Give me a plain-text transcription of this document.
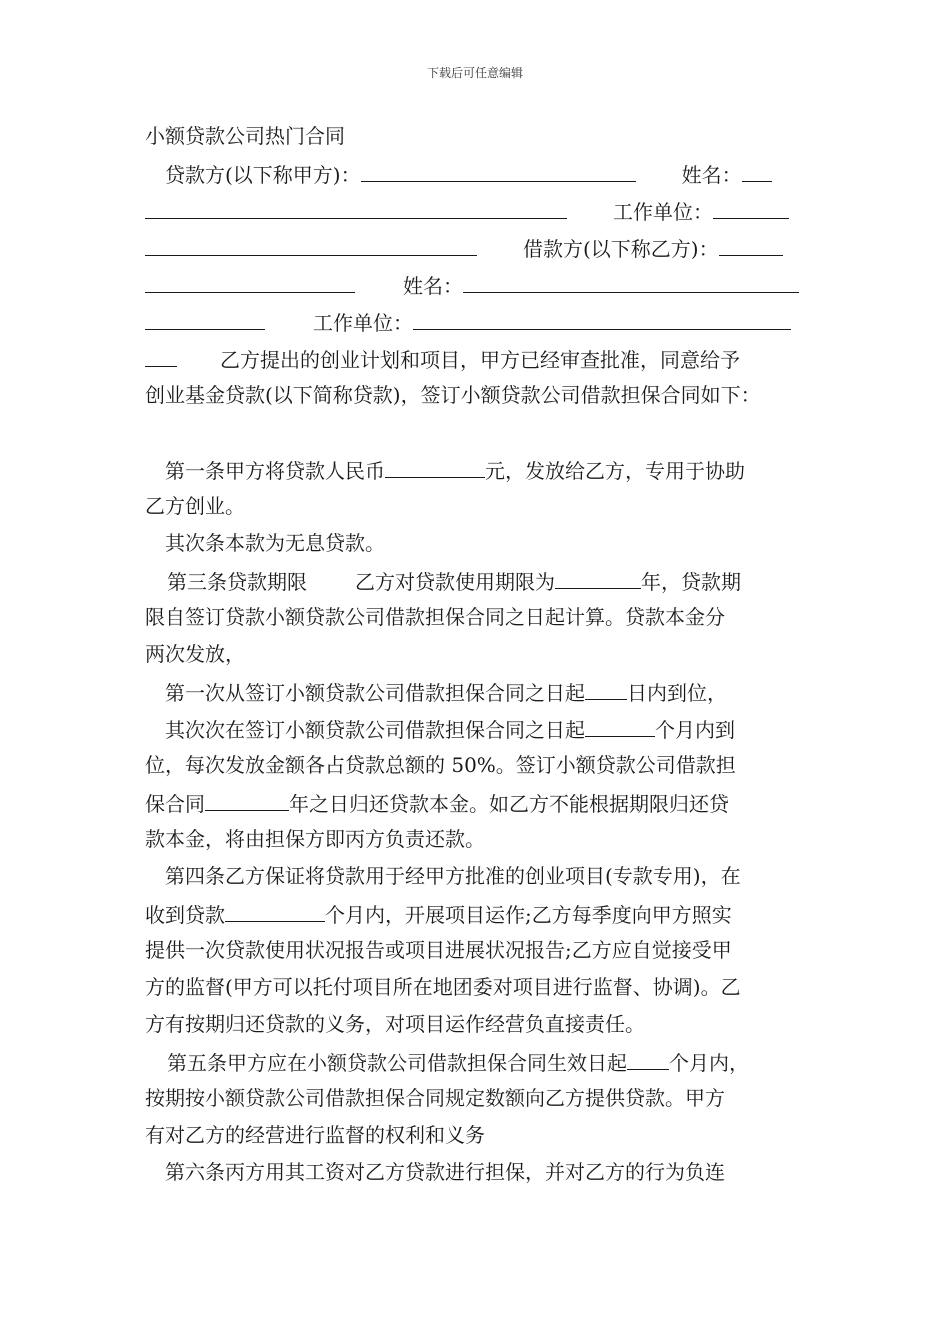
下载后可任意编辑
小额贷款公司热门合同
贷款方(以下称甲方)：	姓名：
工作单位：
借款方(以下称乙方)：
姓名：
工作单位：
乙方提出的创业计划和项目，甲方已经审查批准，同意给予
创业基金贷款(以下简称贷款)，签订小额贷款公司借款担保合同如下：
第一条甲方将贷款人民币	元，发放给乙方，专用于协助
乙方创业。
其次条本款为无息贷款。
第三条贷款期限 乙方对贷款使用期限为	年，贷款期
限自签订贷款小额贷款公司借款担保合同之日起计算。贷款本金分
两次发放，
第一次从签订小额贷款公司借款担保合同之日起 日内到位，
其次次在签订小额贷款公司借款担保合同之日起	个月内到
位，每次发放金额各占贷款总额的 50%。签订小额贷款公司借款担
保合同	年之日归还贷款本金。如乙方不能根据期限归还贷
款本金，将由担保方即丙方负责还款。
第四条乙方保证将贷款用于经甲方批准的创业项目(专款专用)，在
收到贷款	个月内，开展项目运作;乙方每季度向甲方照实
提供一次贷款使用状况报告或项目进展状况报告;乙方应自觉接受甲
方的监督(甲方可以托付项目所在地团委对项目进行监督、协调)。乙
方有按期归还贷款的义务，对项目运作经营负直接责任。
第五条甲方应在小额贷款公司借款担保合同生效日起 个月内，
按期按小额贷款公司借款担保合同规定数额向乙方提供贷款。甲方
有对乙方的经营进行监督的权利和义务
第六条丙方用其工资对乙方贷款进行担保，并对乙方的行为负连
